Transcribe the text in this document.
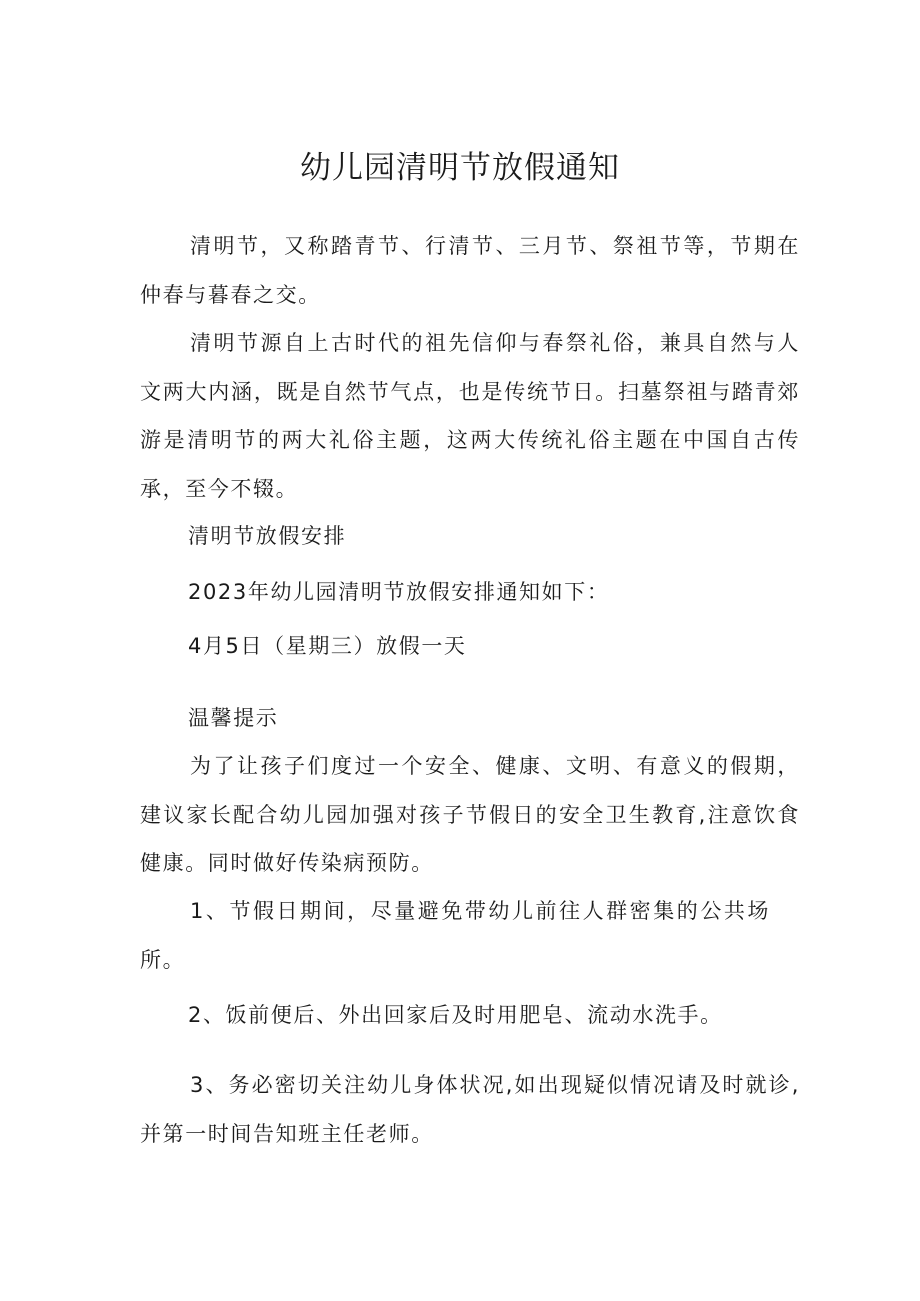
幼儿园清明节放假通知

清明节，又称踏青节、行清节、三月节、祭祖节等，节期在仲春与暮春之交。

清明节源自上古时代的祖先信仰与春祭礼俗，兼具自然与人文两大内涵，既是自然节气点，也是传统节日。扫墓祭祖与踏青郊游是清明节的两大礼俗主题，这两大传统礼俗主题在中国自古传承，至今不辍。

清明节放假安排

2023年幼儿园清明节放假安排通知如下：

4月5日（星期三）放假一天

温馨提示

为了让孩子们度过一个安全、健康、文明、有意义的假期，建议家长配合幼儿园加强对孩子节假日的安全卫生教育,注意饮食健康。同时做好传染病预防。

1、节假日期间，尽量避免带幼儿前往人群密集的公共场所。

2、饭前便后、外出回家后及时用肥皂、流动水洗手。

3、务必密切关注幼儿身体状况,如出现疑似情况请及时就诊,并第一时间告知班主任老师。
